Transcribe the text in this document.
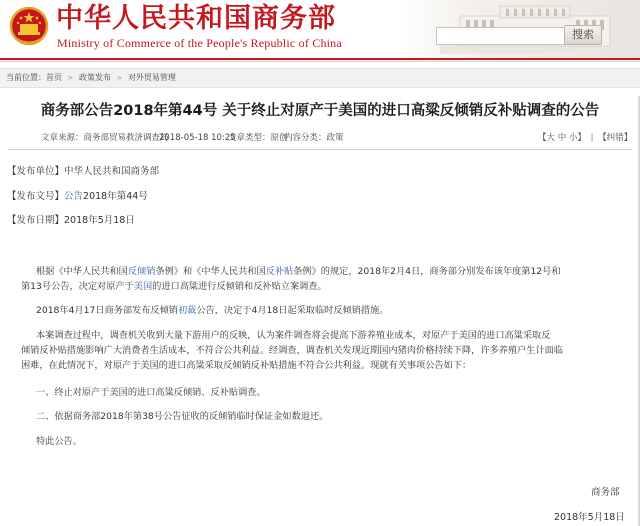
中华人民共和国商务部
Ministry of Commerce of the People's Republic of China
搜索
当前位置：首页 > 政策发布 > 对外贸易管理
商务部公告2018年第44号 关于终止对原产于美国的进口高粱反倾销反补贴调查的公告
文章来源：商务部贸易救济调查局
2018-05-18 10:25
文章类型：原创
内容分类：政策	【大 中 小】 | 【纠错】
【发布单位】中华人民共和国商务部
【发布文号】公告2018年第44号
【发布日期】2018年5月18日
根据《中华人民共和国反倾销条例》和《中华人民共和国反补贴条例》的规定，2018年2月4日，商务部分别发布该年度第12号和
第13号公告，决定对原产于美国的进口高粱进行反倾销和反补贴立案调查。
2018年4月17日商务部发布反倾销初裁公告，决定于4月18日起采取临时反倾销措施。
本案调查过程中，调查机关收到大量下游用户的反映，认为案件调查将会提高下游养殖业成本，对原产于美国的进口高粱采取反
倾销反补贴措施影响广大消费者生活成本，不符合公共利益。经调查，调查机关发现近期国内猪肉价格持续下降，许多养殖户生计面临
困难，在此情况下，对原产于美国的进口高粱采取反倾销反补贴措施不符合公共利益。现就有关事项公告如下：
一、终止对原产于美国的进口高粱反倾销、反补贴调查。
二、依据商务部2018年第38号公告征收的反倾销临时保证金如数退还。
特此公告。
商务部
2018年5月18日
